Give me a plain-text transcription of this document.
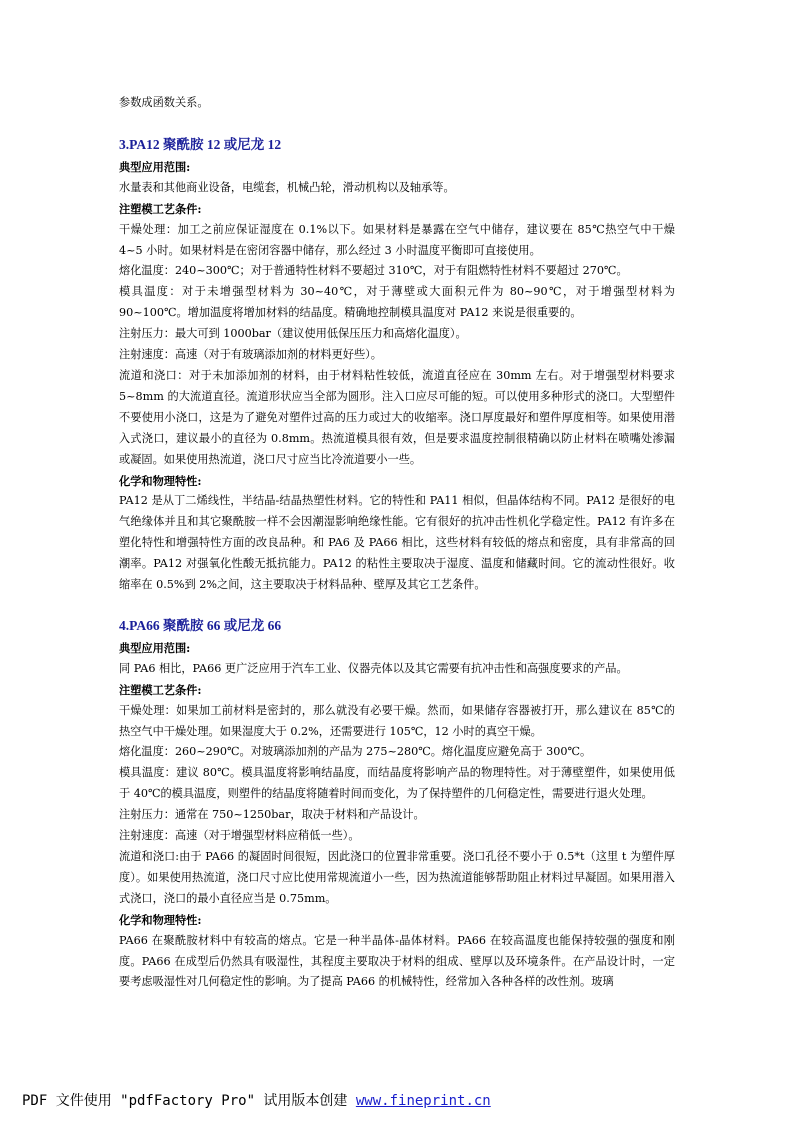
参数成函数关系。

3.PA12 聚酰胺 12 或尼龙 12
典型应用范围:

水量表和其他商业设备，电缆套，机械凸轮，滑动机构以及轴承等。

注塑模工艺条件:

干燥处理：加工之前应保证湿度在 0.1%以下。如果材料是暴露在空气中储存，建议要在 85℃热空气中干燥 4~5 小时。如果材料是在密闭容器中储存，那么经过 3 小时温度平衡即可直接使用。

熔化温度：240~300℃；对于普通特性材料不要超过 310℃，对于有阻燃特性材料不要超过 270℃。

模具温度：对于未增强型材料为 30~40℃，对于薄壁或大面积元件为 80~90℃，对于增强型材料为 90~100℃。增加温度将增加材料的结晶度。精确地控制模具温度对 PA12 来说是很重要的。

注射压力：最大可到 1000bar（建议使用低保压压力和高熔化温度）。

注射速度：高速（对于有玻璃添加剂的材料更好些）。

流道和浇口：对于未加添加剂的材料，由于材料粘性较低，流道直径应在 30mm 左右。对于增强型材料要求 5~8mm 的大流道直径。流道形状应当全部为圆形。注入口应尽可能的短。可以使用多种形式的浇口。大型塑件不要使用小浇口，这是为了避免对塑件过高的压力或过大的收缩率。浇口厚度最好和塑件厚度相等。如果使用潜入式浇口，建议最小的直径为 0.8mm。热流道模具很有效，但是要求温度控制很精确以防止材料在喷嘴处渗漏或凝固。如果使用热流道，浇口尺寸应当比冷流道要小一些。

化学和物理特性:

PA12 是从丁二烯线性，半结晶-结晶热塑性材料。它的特性和 PA11 相似，但晶体结构不同。PA12 是很好的电气绝缘体并且和其它聚酰胺一样不会因潮湿影响绝缘性能。它有很好的抗冲击性机化学稳定性。PA12 有许多在塑化特性和增强特性方面的改良品种。和 PA6 及 PA66 相比，这些材料有较低的熔点和密度，具有非常高的回潮率。PA12 对强氧化性酸无抵抗能力。PA12 的粘性主要取决于湿度、温度和储藏时间。它的流动性很好。收缩率在 0.5%到 2%之间，这主要取决于材料品种、壁厚及其它工艺条件。

4.PA66 聚酰胺 66 或尼龙 66
典型应用范围:

同 PA6 相比，PA66 更广泛应用于汽车工业、仪器壳体以及其它需要有抗冲击性和高强度要求的产品。

注塑模工艺条件:

干燥处理：如果加工前材料是密封的，那么就没有必要干燥。然而，如果储存容器被打开，那么建议在 85℃的热空气中干燥处理。如果湿度大于 0.2%，还需要进行 105℃，12 小时的真空干燥。

熔化温度：260~290℃。对玻璃添加剂的产品为 275~280℃。熔化温度应避免高于 300℃。

模具温度：建议 80℃。模具温度将影响结晶度，而结晶度将影响产品的物理特性。对于薄壁塑件，如果使用低于 40℃的模具温度，则塑件的结晶度将随着时间而变化，为了保持塑件的几何稳定性，需要进行退火处理。

注射压力：通常在 750~1250bar，取决于材料和产品设计。

注射速度：高速（对于增强型材料应稍低一些）。

流道和浇口:由于 PA66 的凝固时间很短，因此浇口的位置非常重要。浇口孔径不要小于 0.5*t（这里 t 为塑件厚度）。如果使用热流道，浇口尺寸应比使用常规流道小一些，因为热流道能够帮助阻止材料过早凝固。如果用潜入式浇口，浇口的最小直径应当是 0.75mm。

化学和物理特性:

PA66 在聚酰胺材料中有较高的熔点。它是一种半晶体-晶体材料。PA66 在较高温度也能保持较强的强度和刚度。PA66 在成型后仍然具有吸湿性，其程度主要取决于材料的组成、壁厚以及环境条件。在产品设计时，一定要考虑吸湿性对几何稳定性的影响。为了提高 PA66 的机械特性，经常加入各种各样的改性剂。玻璃

PDF 文件使用 "pdfFactory Pro" 试用版本创建 www.fineprint.cn
